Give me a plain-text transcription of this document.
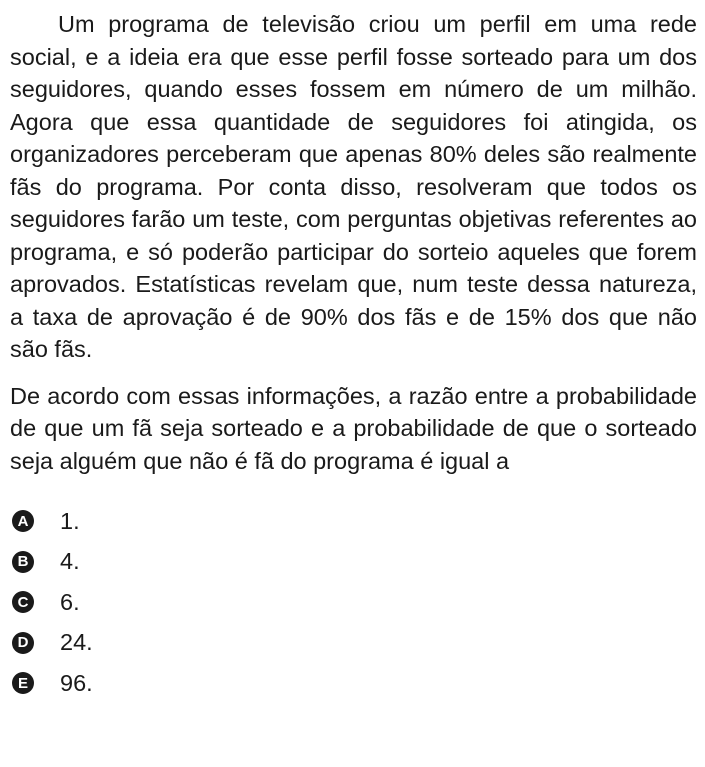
Um programa de televisão criou um perfil em uma rede social, e a ideia era que esse perfil fosse sorteado para um dos seguidores, quando esses fossem em número de um milhão. Agora que essa quantidade de seguidores foi atingida, os organizadores perceberam que apenas 80% deles são realmente fãs do programa. Por conta disso, resolveram que todos os seguidores farão um teste, com perguntas objetivas referentes ao programa, e só poderão participar do sorteio aqueles que forem aprovados. Estatísticas revelam que, num teste dessa natureza, a taxa de aprovação é de 90% dos fãs e de 15% dos que não são fãs.

De acordo com essas informações, a razão entre a probabilidade de que um fã seja sorteado e a probabilidade de que o sorteado seja alguém que não é fã do programa é igual a

A 1.
B 4.
C 6.
D 24.
E 96.
